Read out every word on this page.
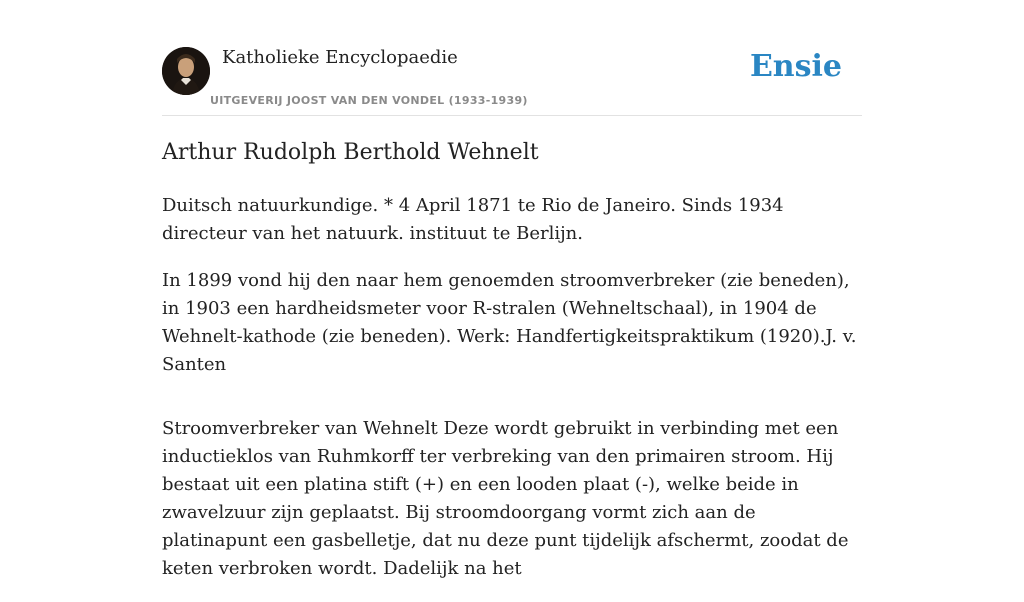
Katholieke Encyclopaedie
UITGEVERIJ JOOST VAN DEN VONDEL (1933-1939)
Ensie
Arthur Rudolph Berthold Wehnelt

Duitsch natuurkundige. * 4 April 1871 te Rio de Janeiro. Sinds 1934 directeur van het natuurk. instituut te Berlijn.

In 1899 vond hij den naar hem genoemden stroomverbreker (zie beneden), in 1903 een hardheidsmeter voor R-stralen (Wehneltschaal), in 1904 de Wehnelt-kathode (zie beneden). Werk: Handfertigkeitspraktikum (1920).J. v. Santen

Stroomverbreker van Wehnelt Deze wordt gebruikt in verbinding met een inductieklos van Ruhmkorff ter verbreking van den primairen stroom. Hij bestaat uit een platina stift (+) en een looden plaat (-), welke beide in zwavelzuur zijn geplaatst. Bij stroomdoorgang vormt zich aan de platinapunt een gasbelletje, dat nu deze punt tijdelijk afschermt, zoodat de keten verbroken wordt. Dadelijk na het
